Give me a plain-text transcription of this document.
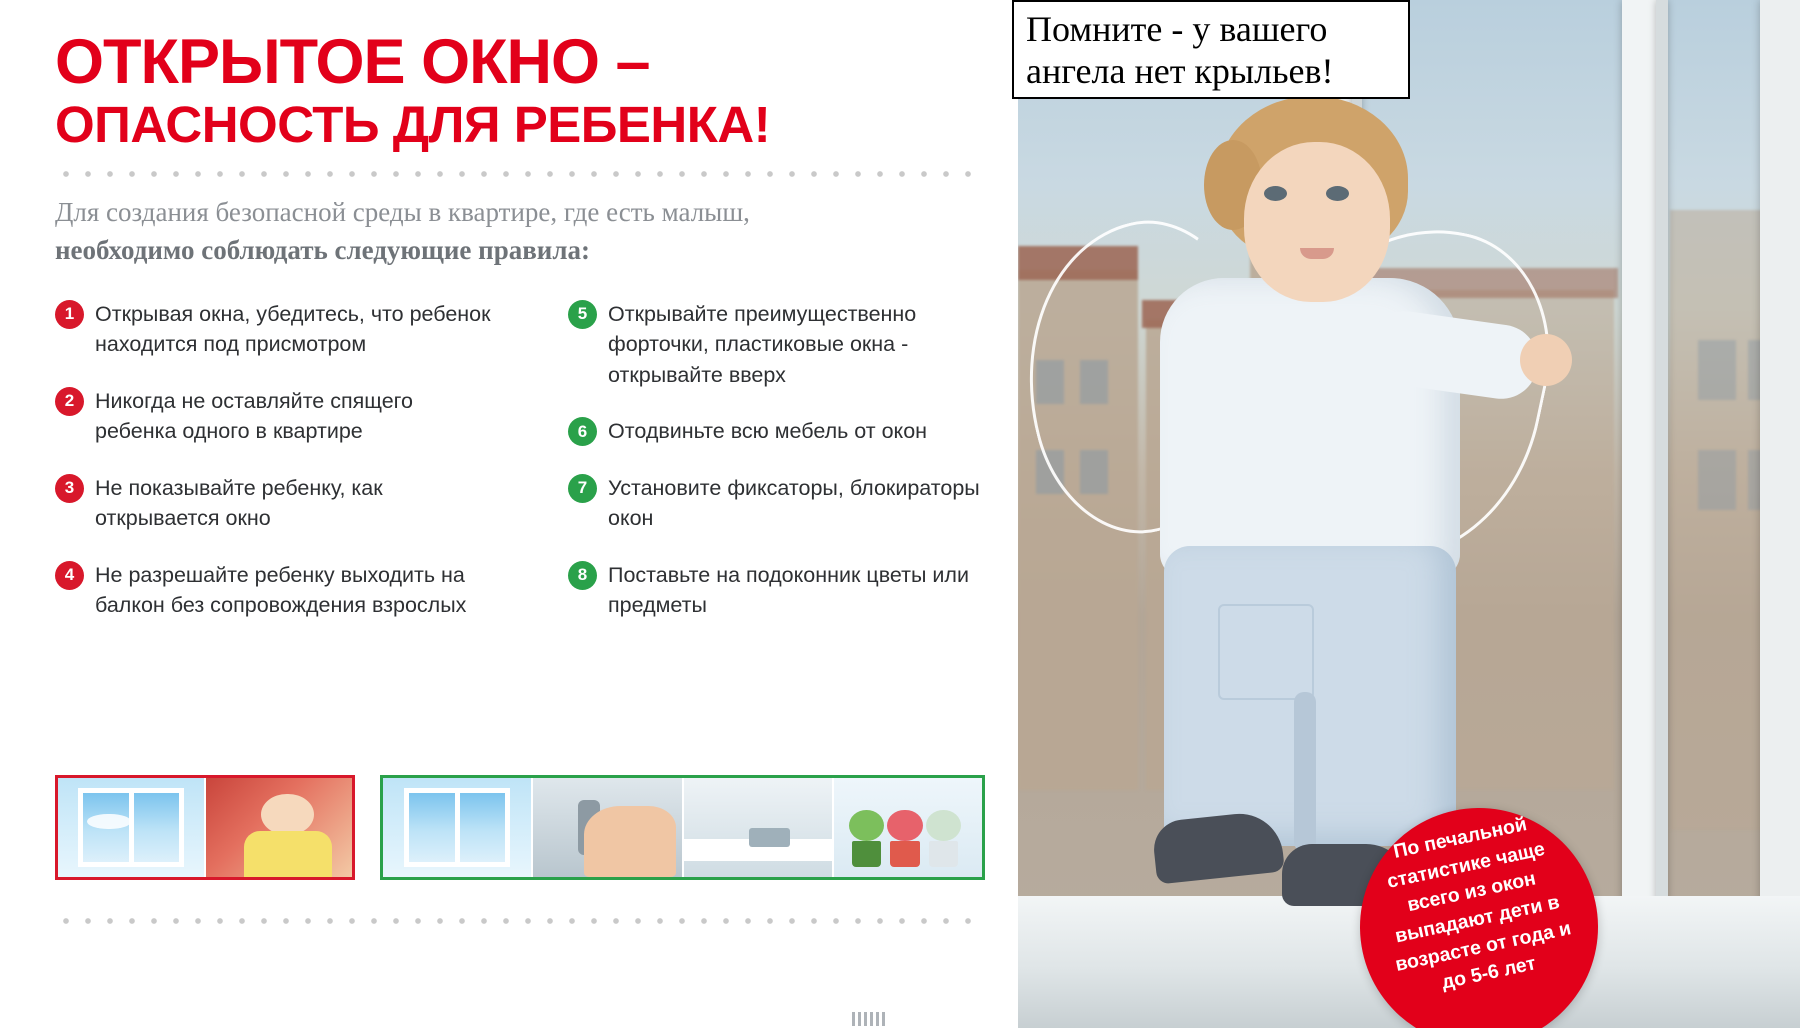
ОТКРЫТОЕ ОКНО –
ОПАСНОСТЬ ДЛЯ РЕБЕНКА!

Для создания безопасной среды в квартире, где есть малыш,

необходимо соблюдать следующие правила:

1 Открывая окна, убедитесь, что ребенок находится под присмотром
2 Никогда не оставляйте спящего ребенка одного в квартире
3 Не показывайте ребенку, как открывается окно
4 Не разрешайте ребенку выходить на балкон без сопровождения взрослых
5 Открывайте преимущественно форточки, пластиковые окна - открывайте вверх
6 Отодвиньте всю мебель от окон
7 Установите фиксаторы, блокираторы окон
8 Поставьте на подоконник цветы или предметы
Помните - у вашего ангела нет крыльев!
По печальной статистике чаще всего из окон выпадают дети в возрасте от года и до 5-6 лет
